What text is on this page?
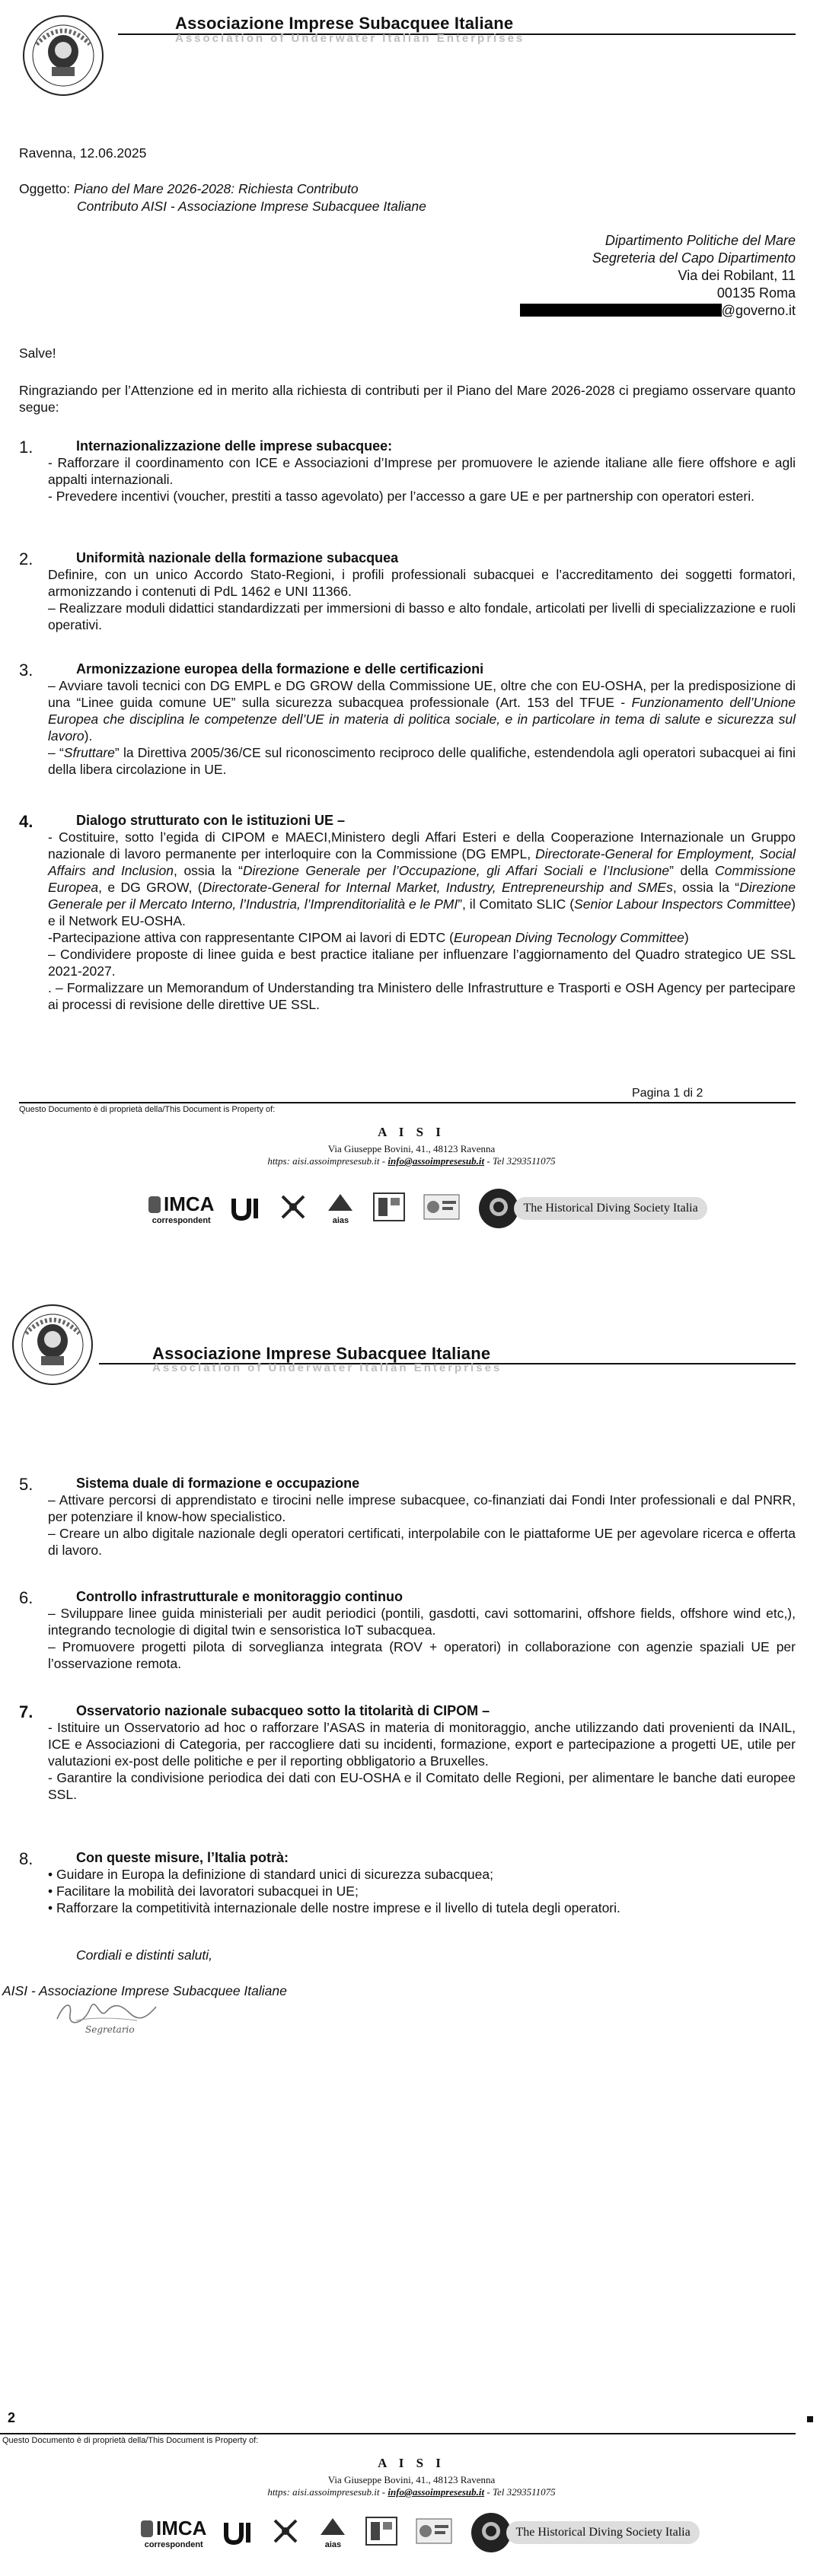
Associazione Imprese Subacquee Italiane
Association of Underwater Italian Enterprises
Ravenna, 12.06.2025
Oggetto: Piano del Mare 2026-2028: Richiesta Contributo
Contributo AISI - Associazione Imprese Subacquee Italiane
Dipartimento Politiche del Mare
Segreteria del Capo Dipartimento
Via dei Robilant, 11
00135 Roma
@governo.it
Salve!
Ringraziando per l’Attenzione ed in merito alla richiesta di contributi per il Piano del Mare 2026-2028 ci pregiamo osservare quanto segue:
1.	Internazionalizzazione delle imprese subacquee:

- Rafforzare il coordinamento con ICE e Associazioni d’Imprese per promuovere le aziende italiane alle fiere offshore e agli appalti internazionali.

- Prevedere incentivi (voucher, prestiti a tasso agevolato) per l’accesso a gare UE e per partnership con operatori esteri.

2.	Uniformità nazionale della formazione subacquea

Definire, con un unico Accordo Stato-Regioni, i profili professionali subacquei e l’accreditamento dei soggetti formatori, armonizzando i contenuti di PdL 1462 e UNI 11366.

– Realizzare moduli didattici standardizzati per immersioni di basso e alto fondale, articolati per livelli di specializzazione e ruoli operativi.

3.	Armonizzazione europea della formazione e delle certificazioni

– Avviare tavoli tecnici con DG EMPL e DG GROW della Commissione UE, oltre che con EU-OSHA, per la predisposizione di una “Linee guida comune UE” sulla sicurezza subacquea professionale (Art. 153 del TFUE - Funzionamento dell’Unione Europea che disciplina le competenze dell’UE in materia di politica sociale, e in particolare in tema di salute e sicurezza sul lavoro).

– “Sfruttare” la Direttiva 2005/36/CE sul riconoscimento reciproco delle qualifiche, estendendola agli operatori subacquei ai fini della libera circolazione in UE.

4.	Dialogo strutturato con le istituzioni UE –

- Costituire, sotto l’egida di CIPOM e MAECI,Ministero degli Affari Esteri e della Cooperazione Internazionale un Gruppo nazionale di lavoro permanente per interloquire con la Commissione (DG EMPL, Directorate-General for Employment, Social Affairs and Inclusion, ossia la “Direzione Generale per l’Occupazione, gli Affari Sociali e l’Inclusione” della Commissione Europea, e DG GROW, (Directorate-General for Internal Market, Industry, Entrepreneurship and SMEs, ossia la “Direzione Generale per il Mercato Interno, l’Industria, l’Imprenditorialità e le PMI”, il Comitato SLIC (Senior Labour Inspectors Committee) e il Network EU-OSHA.

-Partecipazione attiva con rappresentante CIPOM ai lavori di EDTC (European Diving Tecnology Committee)

– Condividere proposte di linee guida e best practice italiane per influenzare l’aggiornamento del Quadro strategico UE SSL 2021-2027.

. – Formalizzare un Memorandum of Understanding tra Ministero delle Infrastrutture e Trasporti e OSH Agency per partecipare ai processi di revisione delle direttive UE SSL.

Pagina 1 di 2
Questo Documento è di proprietà della/This Document is Property of:
A I S I
Via Giuseppe Bovini, 41., 48123 Ravenna
https: aisi.assoimpresesub.it - info@assoimpresesub.it - Tel 3293511075
IMCA
correspondent	aias
The Historical Diving Society Italia
Associazione Imprese Subacquee Italiane
Association of Underwater Italian Enterprises
5.	Sistema duale di formazione e occupazione

– Attivare percorsi di apprendistato e tirocini nelle imprese subacquee, co-finanziati dai Fondi Inter professionali e dal PNRR, per potenziare il know-how specialistico.

– Creare un albo digitale nazionale degli operatori certificati, interpolabile con le piattaforme UE per agevolare ricerca e offerta di lavoro.

6.	Controllo infrastrutturale e monitoraggio continuo

– Sviluppare linee guida ministeriali per audit periodici (pontili, gasdotti, cavi sottomarini, offshore fields, offshore wind etc,), integrando tecnologie di digital twin e sensoristica IoT subacquea.

– Promuovere progetti pilota di sorveglianza integrata (ROV + operatori) in collaborazione con agenzie spaziali UE per l’osservazione remota.

7.	Osservatorio nazionale subacqueo sotto la titolarità di CIPOM –

- Istituire un Osservatorio ad hoc o rafforzare l’ASAS in materia di monitoraggio, anche utilizzando dati provenienti da INAIL, ICE e Associazioni di Categoria, per raccogliere dati su incidenti, formazione, export e partecipazione a progetti UE, utile per valutazioni ex-post delle politiche e per il reporting obbligatorio a Bruxelles.

- Garantire la condivisione periodica dei dati con EU-OSHA e il Comitato delle Regioni, per alimentare le banche dati europee SSL.

8.	Con queste misure, l’Italia potrà:

• Guidare in Europa la definizione di standard unici di sicurezza subacquea;

• Facilitare la mobilità dei lavoratori subacquei in UE;

• Rafforzare la competitività internazionale delle nostre imprese e il livello di tutela degli operatori.

Cordiali e distinti saluti,
AISI - Associazione Imprese Subacquee Italiane
Segretario
2
Questo Documento è di proprietà della/This Document is Property of:
A I S I
Via Giuseppe Bovini, 41., 48123 Ravenna
https: aisi.assoimpresesub.it - info@assoimpresesub.it - Tel 3293511075
IMCA
correspondent	aias
The Historical Diving Society Italia
